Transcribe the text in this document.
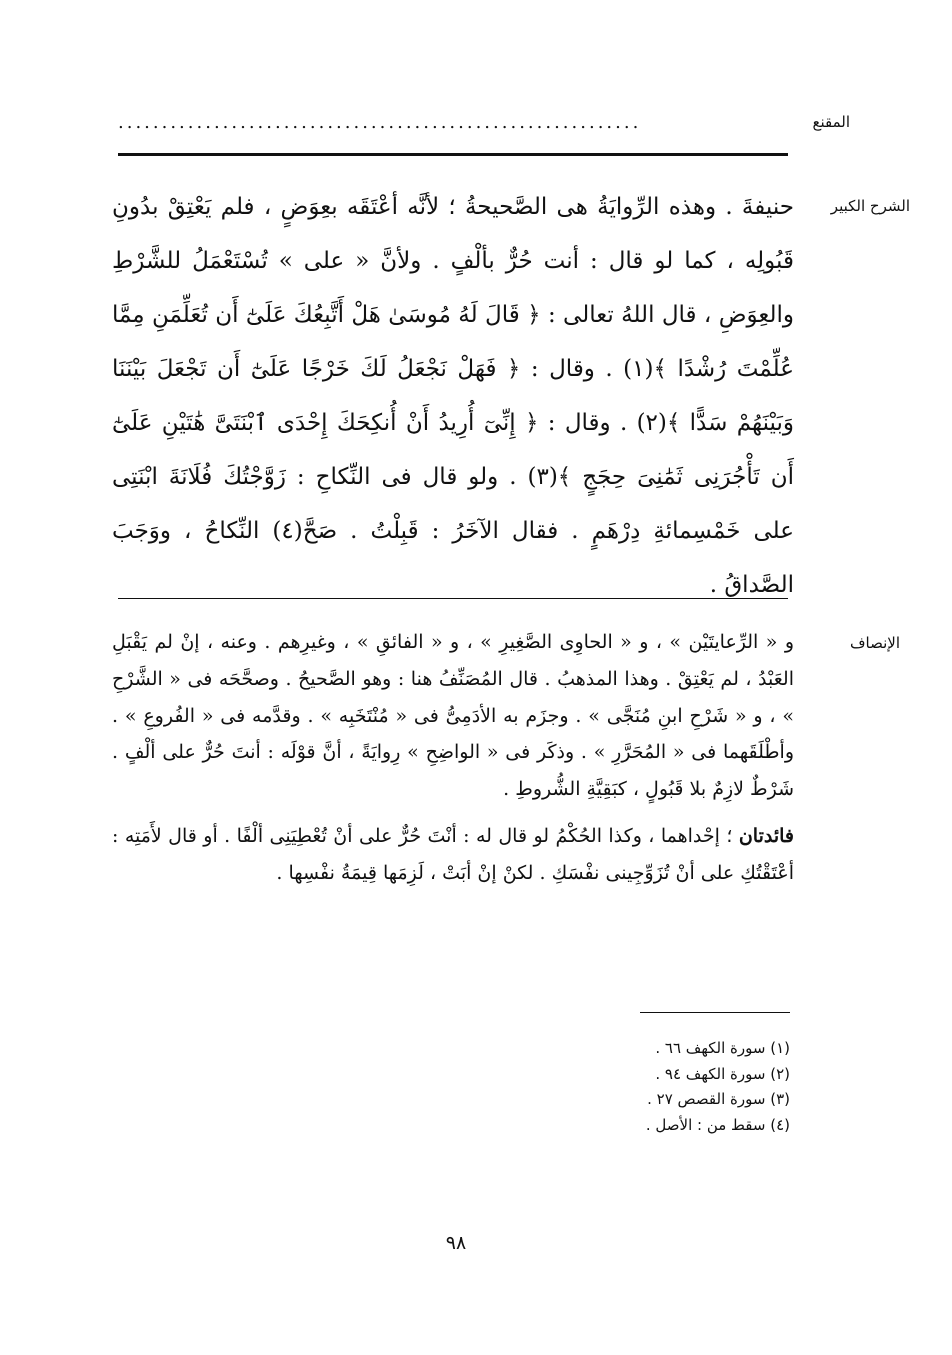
المقنع
............................................................
الشرح الكبير
حنيفةَ . وهذه الرِّوايَةُ هى الصَّحيحةُ ؛ لأنَّه أعْتَقَه بعِوَضٍ ، فلم يَعْتِقْ بدُونِ قَبُولِه ، كما لو قال : أنت حُرٌّ بألْفٍ . ولأنَّ « على » تُسْتَعْمَلُ للشَّرْطِ والعِوَضِ ، قال اللهُ تعالى : ﴿ قَالَ لَهُ مُوسَىٰ هَلْ أَتَّبِعُكَ عَلَىٰٓ أَن تُعَلِّمَنِ مِمَّا عُلِّمْتَ رُشْدًا ﴾(١) . وقال : ﴿ فَهَلْ نَجْعَلُ لَكَ خَرْجًا عَلَىٰٓ أَن تَجْعَلَ بَيْنَنَا وَبَيْنَهُمْ سَدًّا ﴾(٢) . وقال : ﴿ إِنِّىٓ أُرِيدُ أَنْ أُنكِحَكَ إِحْدَى ٱبْنَتَىَّ هَٰتَيْنِ عَلَىٰٓ أَن تَأْجُرَنِى ثَمَٰنِىَ حِجَجٍ ﴾(٣) . ولو قال فى النِّكاحِ : زَوَّجْتُكَ فُلَانَةَ ابْنَتِى على خَمْسِمائةِ دِرْهَمٍ . فقال الآخَرُ : قَبِلْتُ . صَحَّ(٤) النِّكاحُ ، ووَجَبَ الصَّداقُ .
الإنصاف

و « الرِّعايتَيْن » ، و « الحاوِى الصَّغِيرِ » ، و « الفائقِ » ، وغيرِهم . وعنه ، إنْ لم يَقْبَلِ العَبْدُ ، لم يَعْتِقْ . وهذا المذهبُ . قال المُصَنِّفُ هنا : وهو الصَّحيحُ . وصحَّحَه فى « الشَّرْحِ » ، و « شَرْحِ ابنِ مُنَجَّى » . وجزَم به الأدَمِىُّ فى « مُنْتَخَبِه » . وقدَّمه فى « الفُروعِ » . وأطْلَقَهما فى « المُحَرَّرِ » . وذكَر فى « الواضِحِ » رِوايَةً ، أنَّ قوْلَه : أنتَ حُرٌّ على ألْفٍ . شَرْطٌ لازِمٌ بلا قَبُولٍ ، كبَقِيَّةِ الشُّروطِ .

فائدتان ؛ إحْداهما ، وكذا الحُكْمُ لو قال له : أنْتَ حُرٌّ على أنْ تُعْطِيَنِى ألْفًا . أو قال لأَمَتِه : أعْتَقْتُكِ على أنْ تُزَوِّجِينى نفْسَكِ . لكنْ إنْ أبَتْ ، لَزِمَها قِيمَةُ نفْسِها .

(١) سورة الكهف ٦٦ .
(٢) سورة الكهف ٩٤ .
(٣) سورة القصص ٢٧ .
(٤) سقط من : الأصل .
٩٨
